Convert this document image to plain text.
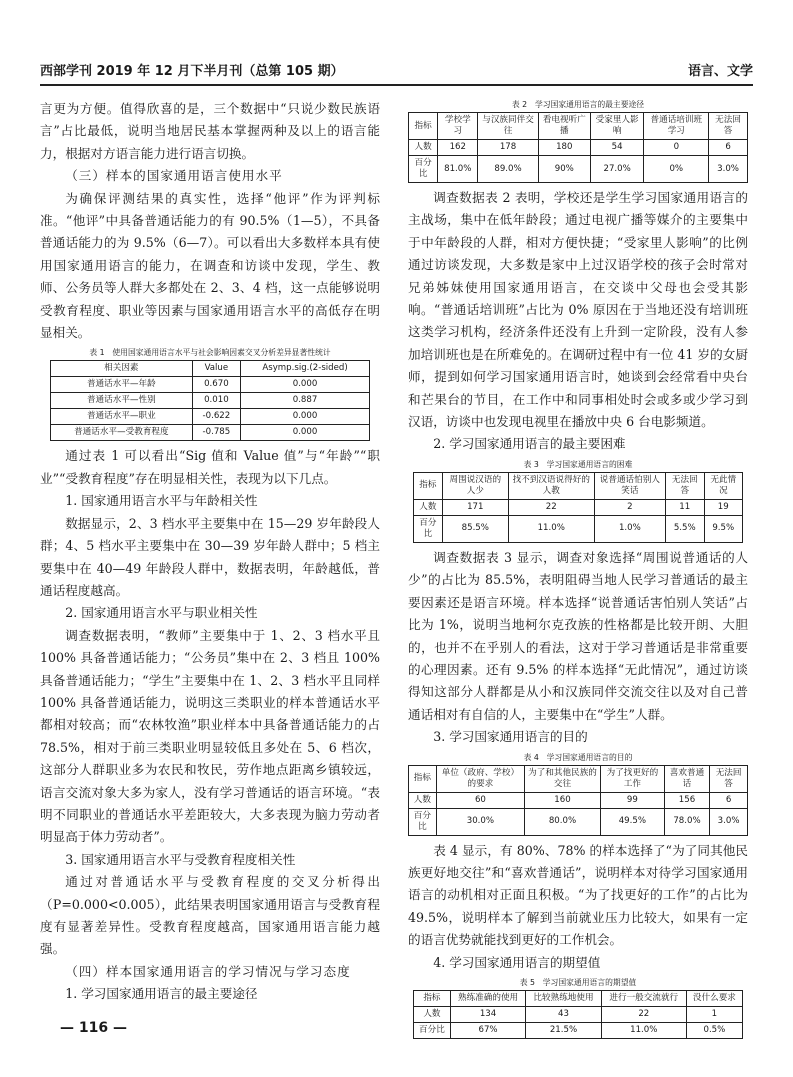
西部学刊 2019 年 12 月下半月刊（总第 105 期）	语言、文学

言更为方便。值得欣喜的是，三个数据中“只说少数民族语言”占比最低，说明当地居民基本掌握两种及以上的语言能力，根据对方语言能力进行语言切换。

（三）样本的国家通用语言使用水平

为确保评测结果的真实性，选择“他评”作为评判标准。“他评”中具备普通话能力的有 90.5%（1—5），不具备普通话能力的为 9.5%（6—7）。可以看出大多数样本具有使用国家通用语言的能力，在调查和访谈中发现，学生、教师、公务员等人群大多都处在 2、3、4 档，这一点能够说明受教育程度、职业等因素与国家通用语言水平的高低存在明显相关。

表 1　使用国家通用语言水平与社会影响因素交叉分析差异显著性统计

相关因素	Value	Asymp.sig.(2-sided)
普通话水平—年龄	0.670	0.000
普通话水平—性别	0.010	0.887
普通话水平—职业	-0.622	0.000
普通话水平—受教育程度	-0.785	0.000

通过表 1 可以看出“Sig 值和 Value 值”与“年龄”“职业”“受教育程度”存在明显相关性，表现为以下几点。

1. 国家通用语言水平与年龄相关性

数据显示，2、3 档水平主要集中在 15—29 岁年龄段人群；4、5 档水平主要集中在 30—39 岁年龄人群中；5 档主要集中在 40—49 年龄段人群中，数据表明，年龄越低，普通话程度越高。

2. 国家通用语言水平与职业相关性

调查数据表明，“教师”主要集中于 1、2、3 档水平且 100% 具备普通话能力；“公务员”集中在 2、3 档且 100% 具备普通话能力；“学生”主要集中在 1、2、3 档水平且同样 100% 具备普通话能力，说明这三类职业的样本普通话水平都相对较高；而“农林牧渔”职业样本中具备普通话能力的占 78.5%，相对于前三类职业明显较低且多处在 5、6 档次，这部分人群职业多为农民和牧民，劳作地点距离乡镇较远，语言交流对象大多为家人，没有学习普通话的语言环境。“表明不同职业的普通话水平差距较大，大多表现为脑力劳动者明显高于体力劳动者”。

3. 国家通用语言水平与受教育程度相关性

通过对普通话水平与受教育程度的交叉分析得出（P=0.000<0.005），此结果表明国家通用语言与受教育程度有显著差异性。受教育程度越高，国家通用语言能力越强。

（四）样本国家通用语言的学习情况与学习态度

1. 学习国家通用语言的最主要途径

表 2　学习国家通用语言的最主要途径

指标	学校学习	与汉族同伴交往	看电视听广播	受家里人影响	普通话培训班学习	无法回答
人数	162	178	180	54	0	6
百分比	81.0%	89.0%	90%	27.0%	0%	3.0%

调查数据表 2 表明，学校还是学生学习国家通用语言的主战场，集中在低年龄段；通过电视广播等媒介的主要集中于中年龄段的人群，相对方便快捷；“受家里人影响”的比例通过访谈发现，大多数是家中上过汉语学校的孩子会时常对兄弟姊妹使用国家通用语言，在交谈中父母也会受其影响。“普通话培训班”占比为 0% 原因在于当地还没有培训班这类学习机构，经济条件还没有上升到一定阶段，没有人参加培训班也是在所难免的。在调研过程中有一位 41 岁的女厨师，提到如何学习国家通用语言时，她谈到会经常看中央台和芒果台的节目，在工作中和同事相处时会或多或少学习到汉语，访谈中也发现电视里在播放中央 6 台电影频道。

2. 学习国家通用语言的最主要困难

表 3　学习国家通用语言的困难

指标	周围说汉语的人少	找不到汉语说得好的人教	说普通话怕别人笑话	无法回答	无此情况
人数	171	22	2	11	19
百分比	85.5%	11.0%	1.0%	5.5%	9.5%

调查数据表 3 显示，调查对象选择“周围说普通话的人少”的占比为 85.5%，表明阻碍当地人民学习普通话的最主要因素还是语言环境。样本选择“说普通话害怕别人笑话”占比为 1%，说明当地柯尔克孜族的性格都是比较开朗、大胆的，也并不在乎别人的看法，这对于学习普通话是非常重要的心理因素。还有 9.5% 的样本选择“无此情况”，通过访谈得知这部分人群都是从小和汉族同伴交流交往以及对自己普通话相对有自信的人，主要集中在“学生”人群。

3. 学习国家通用语言的目的

表 4　学习国家通用语言的目的

指标	单位（政府、学校）的要求	为了和其他民族的交往	为了找更好的工作	喜欢普通话	无法回答
人数	60	160	99	156	6
百分比	30.0%	80.0%	49.5%	78.0%	3.0%

表 4 显示，有 80%、78% 的样本选择了“为了同其他民族更好地交往”和“喜欢普通话”，说明样本对待学习国家通用语言的动机相对正面且积极。“为了找更好的工作”的占比为 49.5%，说明样本了解到当前就业压力比较大，如果有一定的语言优势就能找到更好的工作机会。

4. 学习国家通用语言的期望值

表 5　学习国家通用语言的期望值

指标	熟练准确的使用	比较熟练地使用	进行一般交流就行	没什么要求
人数	134	43	22	1
百分比	67%	21.5%	11.0%	0.5%
— 116 —
